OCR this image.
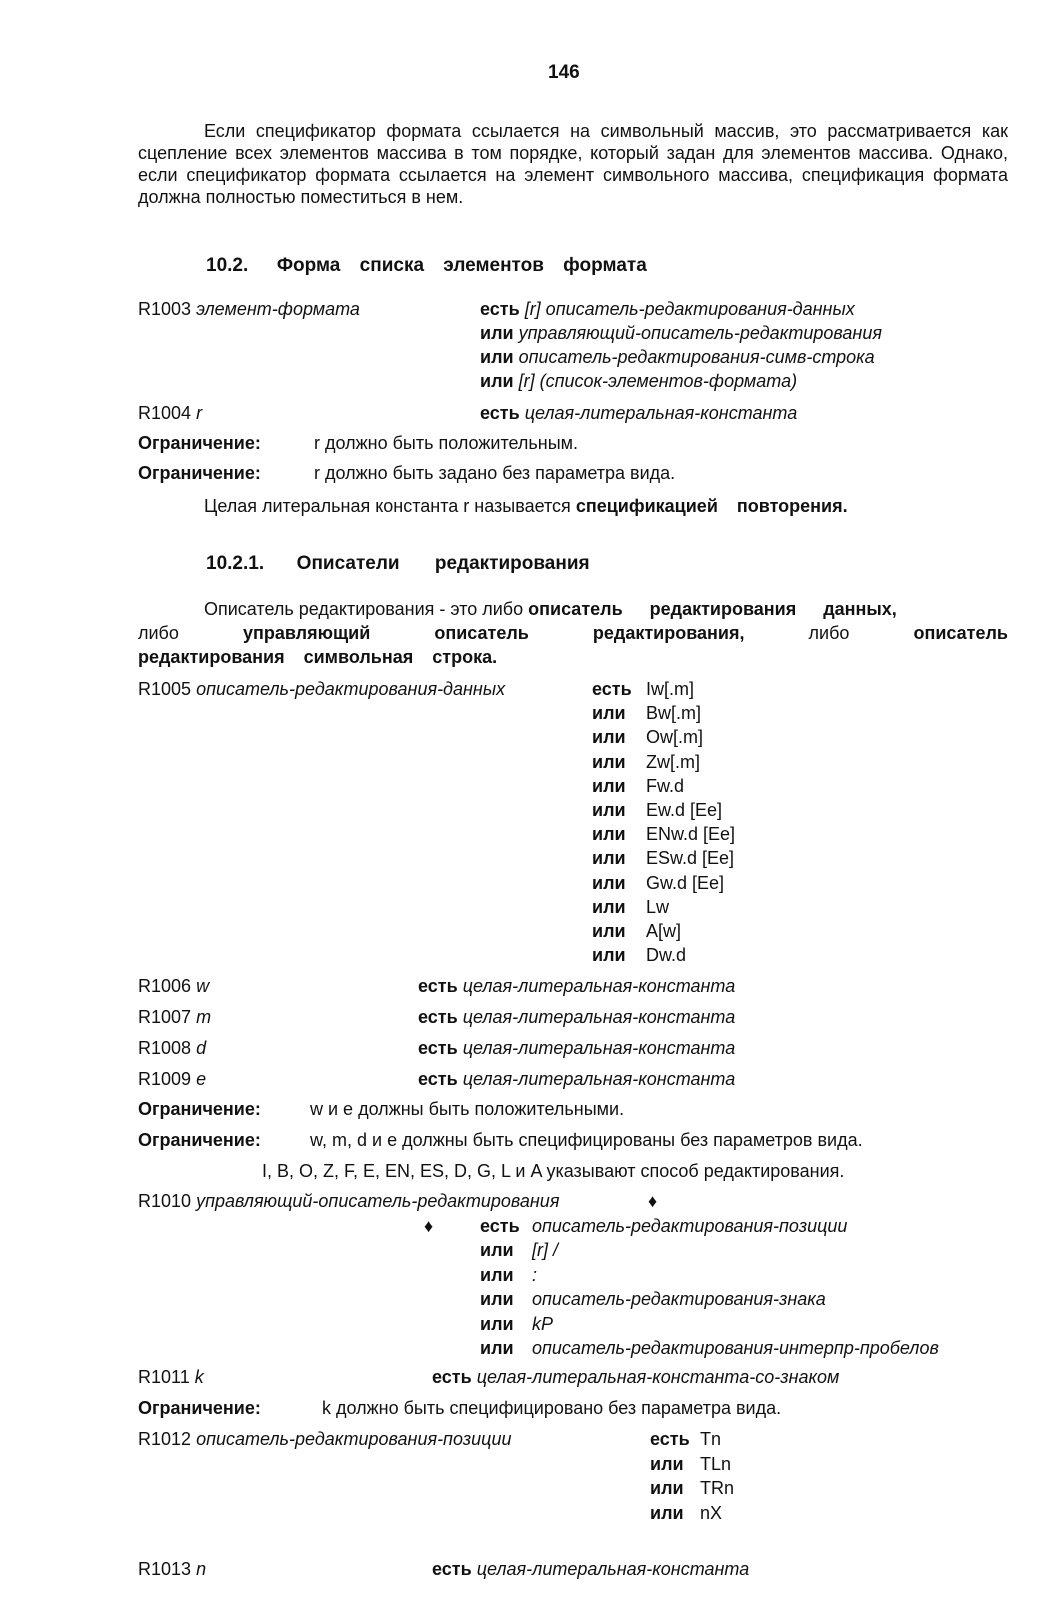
146
Если спецификатор формата ссылается на символьный массив, это рассматривается как сцепление всех элементов массива в том порядке, который задан для элементов массива. Однако, если спецификатор формата ссылается на элемент символьного массива, спецификация формата должна полностью поместиться в нем.
10.2. Форма списка элементов формата
R1003 элемент-формата	есть [r] описатель-редактирования-данных
или управляющий-описатель-редактирования
или описатель-редактирования-симв-строка
или [r] (список-элементов-формата)
R1004 r	есть целая-литеральная-константа
Ограничение:	r должно быть положительным.
Ограничение:	r должно быть задано без параметра вида.
Целая литеральная константа r называется спецификацией повторения.
10.2.1. Описатели редактирования
Описатель редактирования - это либо описатель редактирования данных,
либо	управляющий	описатель	редактирования,	либо	описатель
редактирования символьная строка.
R1005 описатель-редактирования-данных	есть Iw[.m]
или Bw[.m]
или Ow[.m]
или Zw[.m]
или Fw.d
или Ew.d [Ee]
или ENw.d [Ee]
или ESw.d [Ee]
или Gw.d [Ee]
или Lw
или A[w]
или Dw.d
R1006 w	есть целая-литеральная-константа
R1007 m	есть целая-литеральная-константа
R1008 d	есть целая-литеральная-константа
R1009 e	есть целая-литеральная-константа
Ограничение:	w и e должны быть положительными.
Ограничение:	w, m, d и e должны быть специфицированы без параметров вида.
I, B, O, Z, F, E, EN, ES, D, G, L и A указывают способ редактирования.
R1010 управляющий-описатель-редактирования	♦
♦	есть описатель-редактирования-позиции
или [r] /
или :
или описатель-редактирования-знака
или kP
или описатель-редактирования-интерпр-пробелов
R1011 k	есть целая-литеральная-константа-со-знаком
Ограничение:	k должно быть специфицировано без параметра вида.
R1012 описатель-редактирования-позиции	есть Tn
или TLn
или TRn
или nX
R1013 n	есть целая-литеральная-константа
